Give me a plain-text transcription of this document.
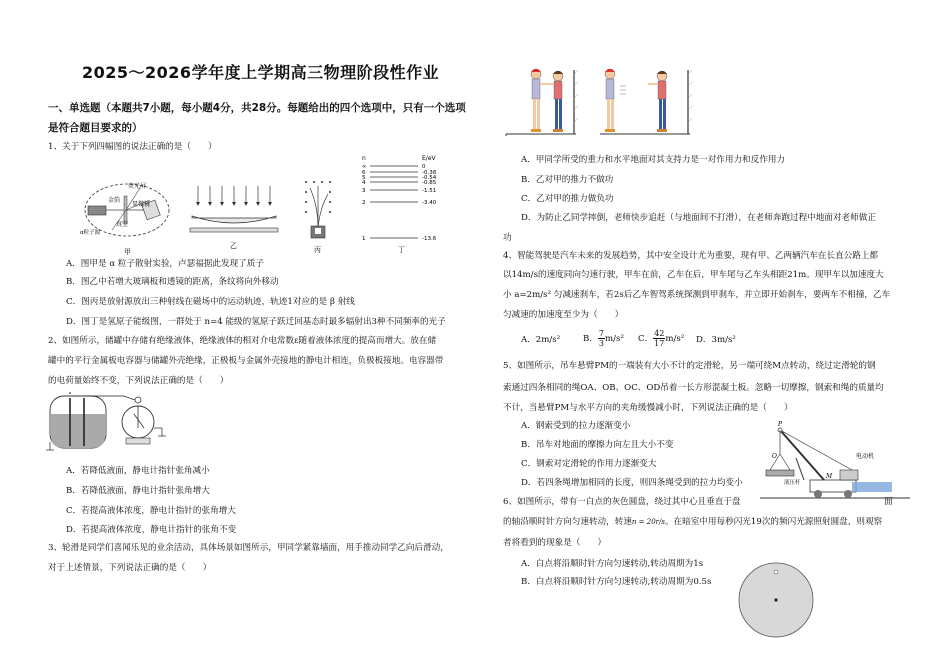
2025～2026学年度上学期高三物理阶段性作业
一、单选题（本题共7小题，每小题4分，共28分。每题给出的四个选项中，只有一个选项
是符合题目要求的）
1、关于下列四幅图的说法正确的是（　　）
荧光屏
金箔
显微镜
真空
α粒子源
甲
乙	丙
n	E/eV
∞	0
6	-0.38
5	-0.54
4	-0.85
3	-1.51
2	-3.40
1	-13.6
丁
A．图甲是 α 粒子散射实验，卢瑟福据此发现了质子
B．图乙中若增大玻璃板和透镜的距离，条纹将向外移动
C．图丙是放射源放出三种射线在磁场中的运动轨迹，轨迹1对应的是 β 射线
D．图丁是氢原子能级图，一群处于 n=4 能级的氢原子跃迁回基态时最多辐射出3种不同频率的光子
2、如图所示，储罐中存储有绝缘液体，绝缘液体的相对介电常数ε随着液体浓度的提高而增大。放在储
罐中的平行金属板电容器与储罐外壳绝缘，正极板与金属外壳接地的静电计相连，负极板接地。电容器带
的电荷量始终不变，下列说法正确的是（　　）
A．若降低液面，静电计指针张角减小
B．若降低液面，静电计指针张角增大
C．若提高液体浓度，静电计指针的张角增大
D．若提高液体浓度，静电计指针的张角不变
3、轮滑是同学们喜闻乐见的业余活动，具体场景如图所示，甲同学紧靠墙面，用手推动同学乙向后滑动，
对于上述情景，下列说法正确的是（　　）
A．甲同学所受的重力和水平地面对其支持力是一对作用力和反作用力
B．乙对甲的推力不做功
C．乙对甲的推力做负功
D．为防止乙同学摔倒，老师快步追赶（与地面间不打滑），在老师奔跑过程中地面对老师做正
功
4、智能驾驶是汽车未来的发展趋势，其中安全设计尤为重要，现有甲、乙两辆汽车在长直公路上都
以14m/s的速度同向匀速行驶，甲车在前，乙车在后，甲车尾与乙车头相距21m。现甲车以加速度大
小 a=2m/s² 匀减速刹车，若2s后乙车智驾系统探测到甲刹车，并立即开始刹车，要两车不相撞，乙车
匀减速的加速度至少为（　　）
A．2m/s²	B． $\frac{7}{3} m/s^2$ C． $\frac{42}{17} m/s^2$ D．3m/s²
5、如图所示，吊车悬臂PM的一端装有大小不计的定滑轮，另一端可绕M点转动，绕过定滑轮的钢
索通过四条相同的绳OA、OB、OC、OD吊着一长方形混凝土板。忽略一切摩擦，钢索和绳的质量均
不计，当悬臂PM与水平方向的夹角缓慢减小时，下列说法正确的是（　　）
A．钢索受到的拉力逐渐变小
B．吊车对地面的摩擦力向左且大小不变
C．钢索对定滑轮的作用力逐渐变大
D．若四条绳增加相同的长度，则四条绳受到的拉力均变小
P
M
O	电动机
液压杆
6、如图所示，带有一白点的灰色圆盘，绕过其中心且垂直于盘	面
的轴沿顺时针方向匀速转动，转速n = 20r/s。在暗室中用每秒闪光19次的频闪光源照射圆盘，则观察
者将看到的现象是（　　）
A．白点将沿顺时针方向匀速转动,转动周期为1s
B．白点将沿顺时针方向匀速转动,转动周期为0.5s
